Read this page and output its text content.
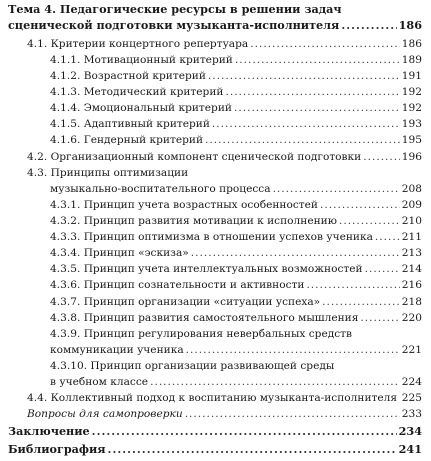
Тема 4. Педагогические ресурсы в решении задач
сценической подготовки музыканта-исполнителя .....	186
4.1. Критерии концертного репертуара .....	186
4.1.1. Мотивационный критерий .....	189
4.1.2. Возрастной критерий .....	191
4.1.3. Методический критерий .....	192
4.1.4. Эмоциональный критерий .....	192
4.1.5. Адаптивный критерий .....	193
4.1.6. Гендерный критерий .....	195
4.2. Организационный компонент сценической подготовки .....	196
4.3. Принципы оптимизации
музыкально-воспитательного процесса .....	208
4.3.1. Принцип учета возрастных особенностей .....	209
4.3.2. Принцип развития мотивации к исполнению .....	210
4.3.3. Принцип оптимизма в отношении успехов ученика .....	211
4.3.4. Принцип «эскиза» .....	213
4.3.5. Принцип учета интеллектуальных возможностей .....	214
4.3.6. Принцип сознательности и активности .....	216
4.3.7. Принцип организации «ситуации успеха» .....	218
4.3.8. Принцип развития самостоятельного мышления .....	220
4.3.9. Принцип регулирования невербальных средств
коммуникации ученика .....	221
4.3.10. Принцип организации развивающей среды
в учебном классе .....	224
4.4. Коллективный подход к воспитанию музыканта-исполнителя ..... 225
Вопросы для самопроверки .....	233
Заключение .....	234
Библиография .....	241
